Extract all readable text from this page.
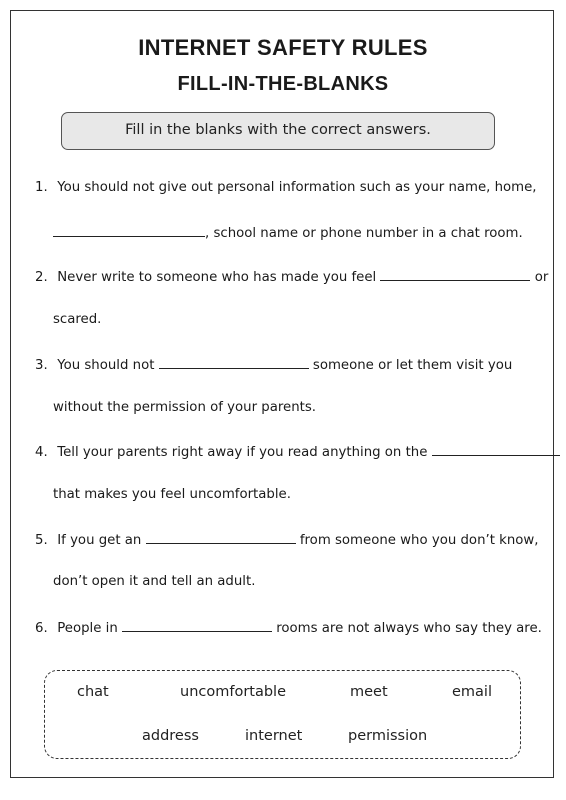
INTERNET SAFETY RULES
FILL-IN-THE-BLANKS
Fill in the blanks with the correct answers.
1. You should not give out personal information such as your name, home,
, school name or phone number in a chat room.
2. Never write to someone who has made you feel	or
scared.
3. You should not	someone or let them visit you
without the permission of your parents.
4. Tell your parents right away if you read anything on the
that makes you feel uncomfortable.
5. If you get an	from someone who you don’t know,
don’t open it and tell an adult.
6. People in	rooms are not always who say they are.
chat	uncomfortable	meet	email
address	internet	permission
